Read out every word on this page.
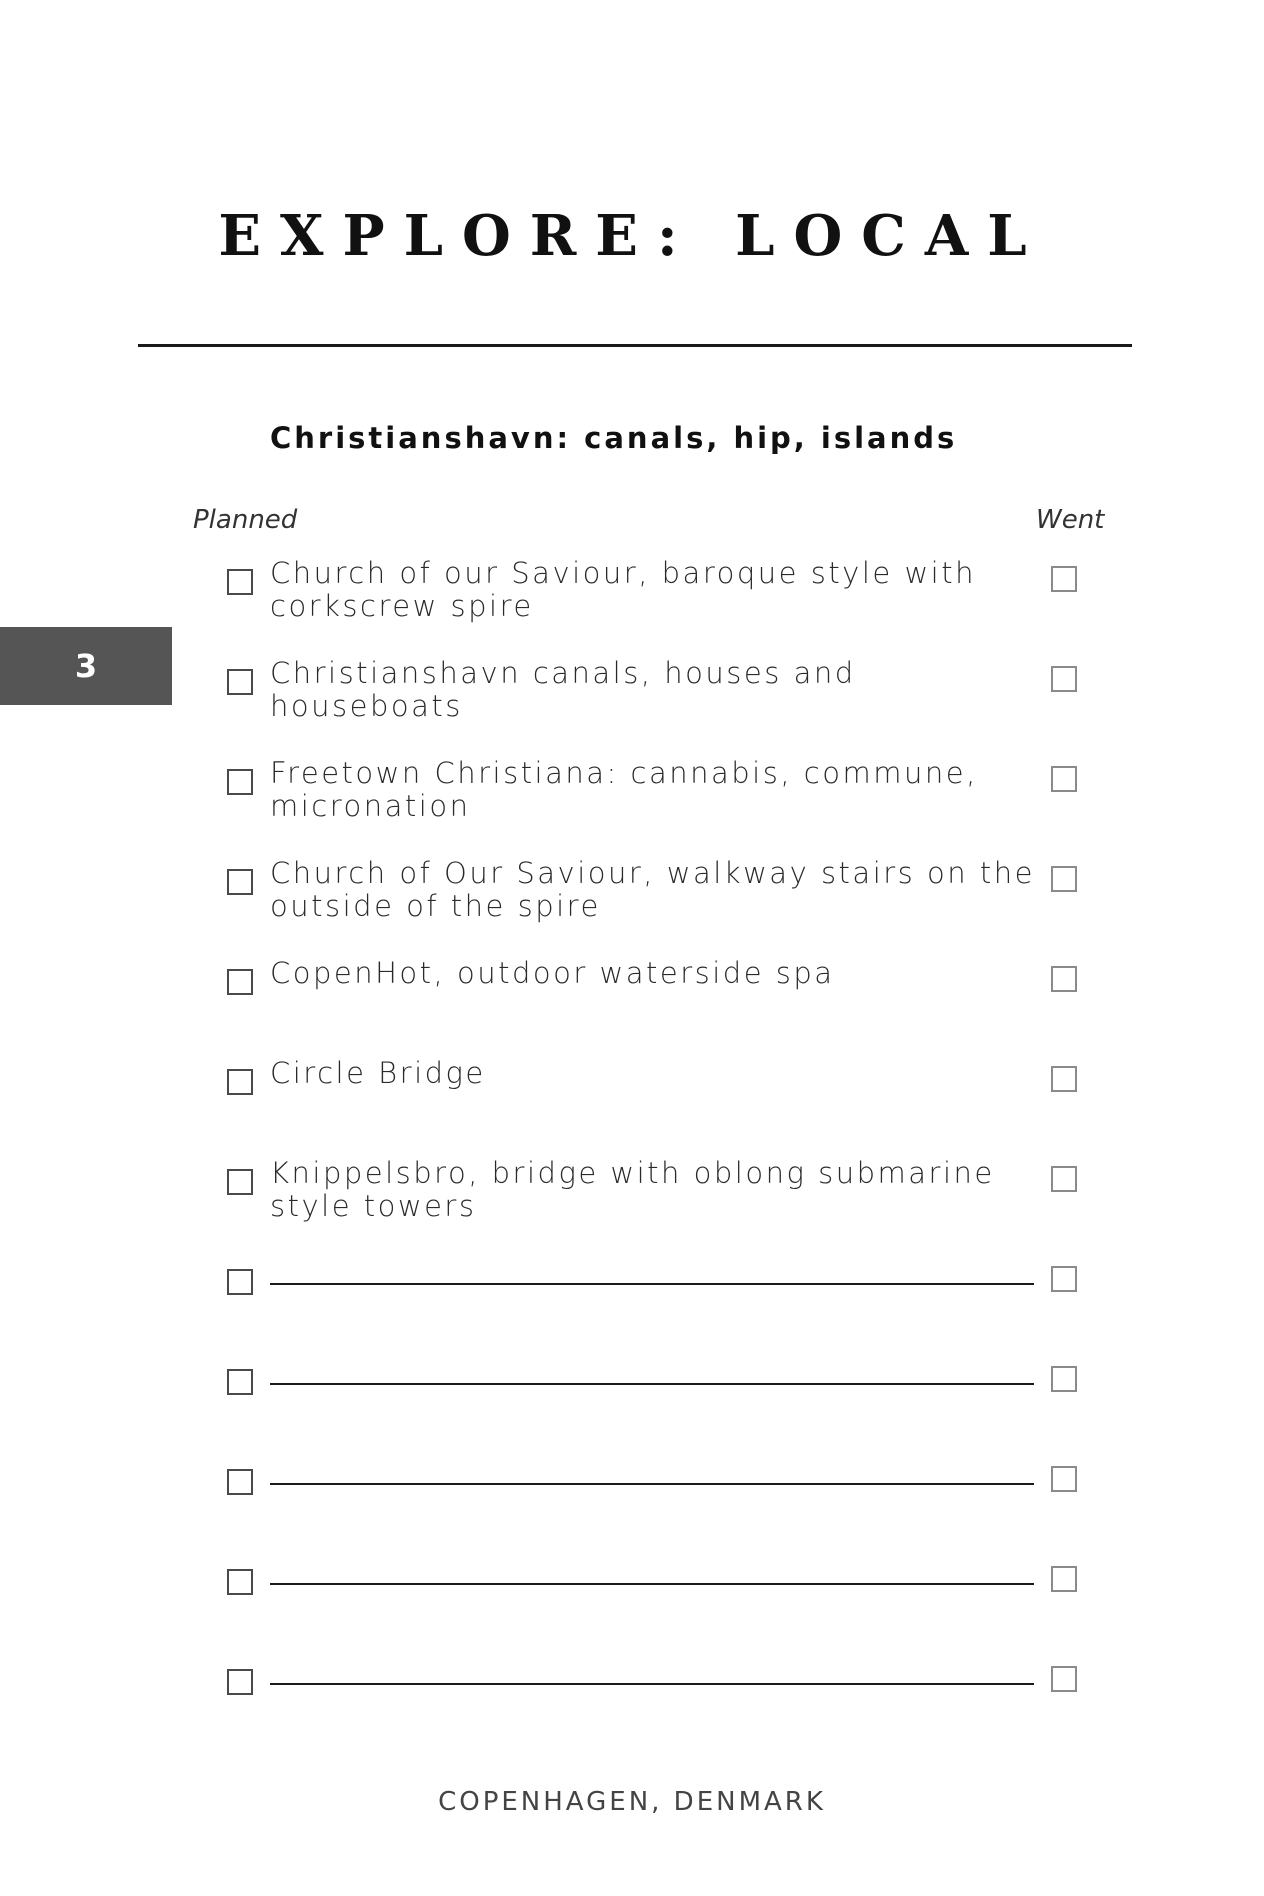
EXPLORE: LOCAL
Christianshavn: canals, hip, islands
Planned	Went
3

Church of our Saviour, baroque style with corkscrew spire

Christianshavn canals, houses and houseboats

Freetown Christiana: cannabis, commune, micronation

Church of Our Saviour, walkway stairs on the outside of the spire

CopenHot, outdoor waterside spa

Circle Bridge

Knippelsbro, bridge with oblong submarine style towers

COPENHAGEN, DENMARK
